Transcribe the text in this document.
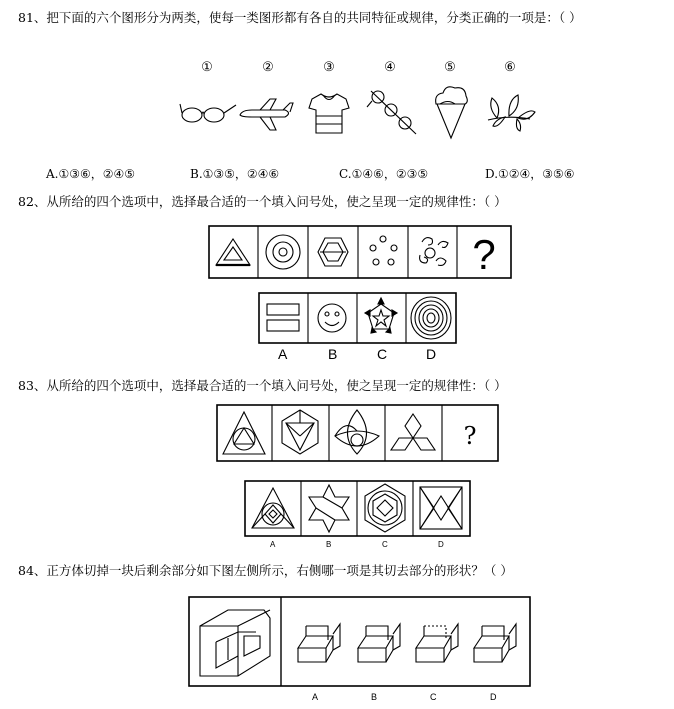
81、把下面的六个图形分为两类，使每一类图形都有各自的共同特征或规律，分类正确的一项是：（ ）
①	②	③	④	⑤	⑥
A.①③⑥，②④⑤	B.①③⑤，②④⑥	C.①④⑥，②③⑤	D.①②④，③⑤⑥
82、从所给的四个选项中，选择最合适的一个填入问号处，使之呈现一定的规律性：（ ）
?
A	B	C	D
83、从所给的四个选项中，选择最合适的一个填入问号处，使之呈现一定的规律性：（ ）
?
A	B	C	D
84、正方体切掉一块后剩余部分如下图左侧所示，右侧哪一项是其切去部分的形状？（ ）
A	B	C	D
